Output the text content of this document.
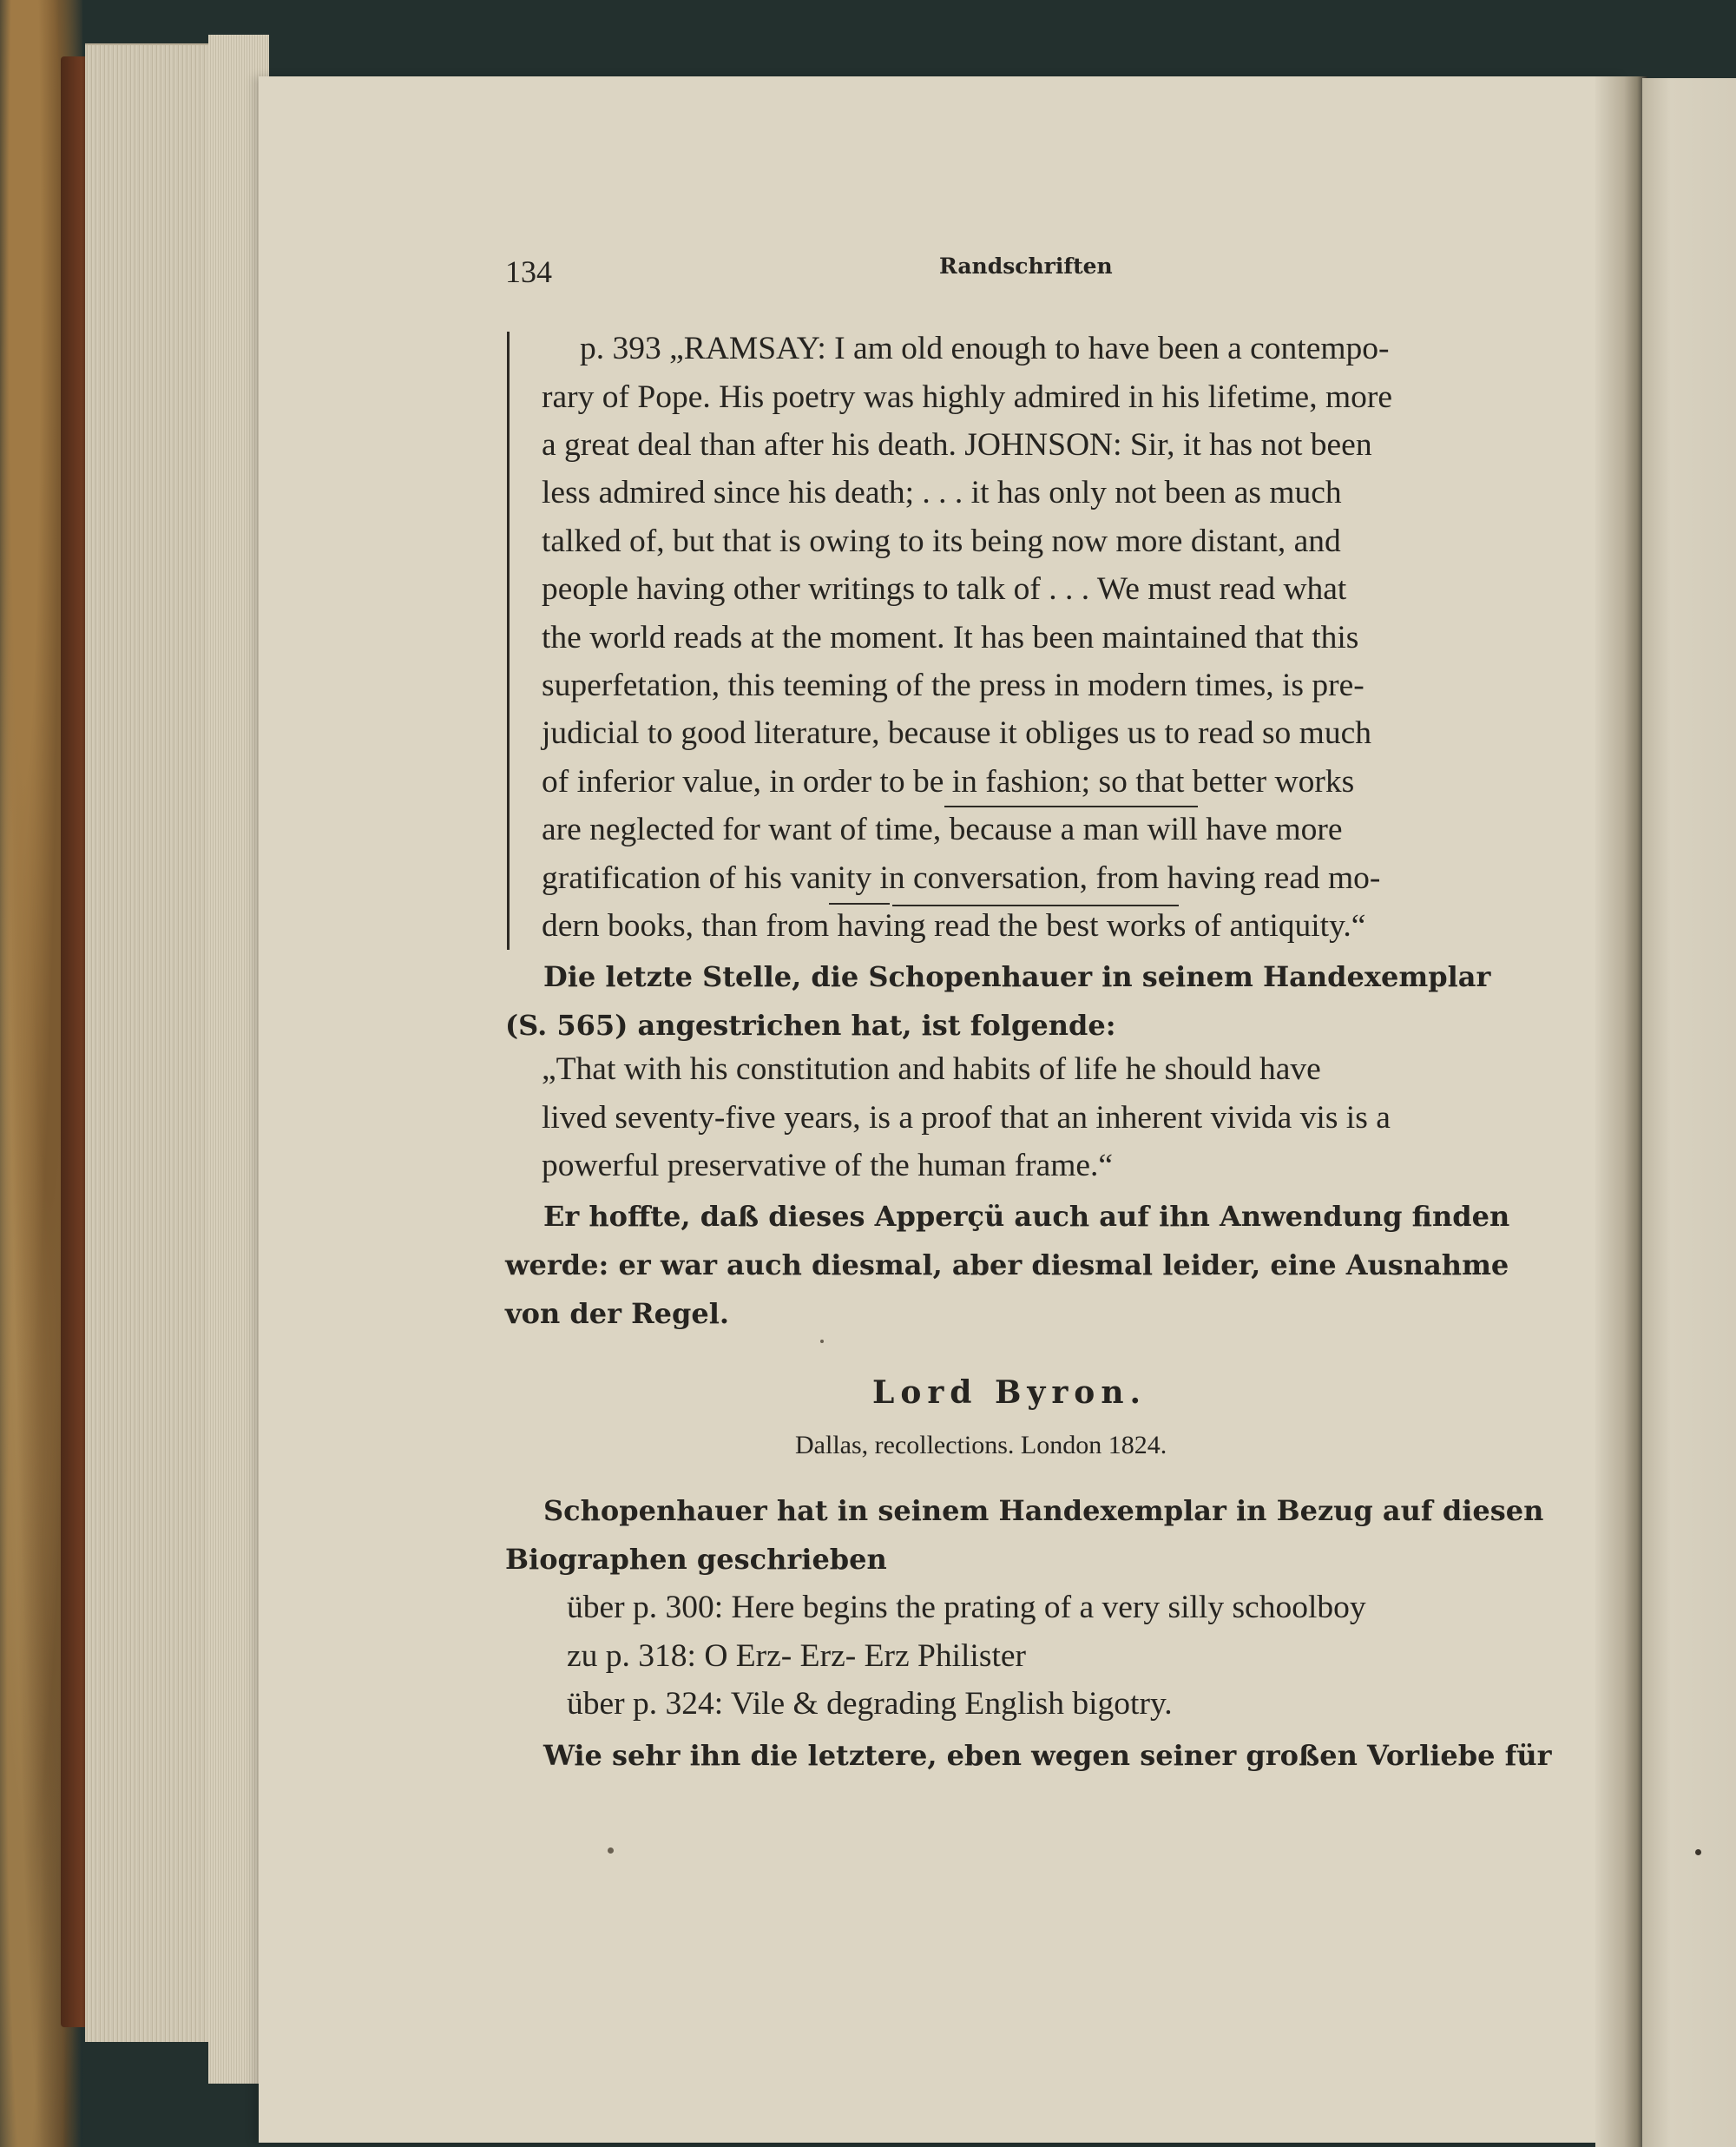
134	Randschriften
p. 393 „RAMSAY: I am old enough to have been a contempo-
rary of Pope. His poetry was highly admired in his lifetime, more
a great deal than after his death. JOHNSON: Sir, it has not been
less admired since his death; . . . it has only not been as much
talked of, but that is owing to its being now more distant, and
people having other writings to talk of . . . We must read what
the world reads at the moment. It has been maintained that this
superfetation, this teeming of the press in modern times, is pre-
judicial to good literature, because it obliges us to read so much
of inferior value, in order to be in fashion; so that better works
are neglected for want of time, because a man will have more
gratification of his vanity in conversation, from having read mo-
dern books, than from having read the best works of antiquity.“
Die letzte Stelle, die Schopenhauer in seinem Handexemplar
(S. 565) angestrichen hat, ist folgende:
„That with his constitution and habits of life he should have
lived seventy-five years, is a proof that an inherent vivida vis is a
powerful preservative of the human frame.“
Er hoffte, daß dieses Apperçü auch auf ihn Anwendung finden
werde: er war auch diesmal, aber diesmal leider, eine Ausnahme
von der Regel.
Lord Byron.
Dallas, recollections. London 1824.
Schopenhauer hat in seinem Handexemplar in Bezug auf diesen
Biographen geschrieben
über p. 300: Here begins the prating of a very silly schoolboy
zu p. 318: O Erz- Erz- Erz Philister
über p. 324: Vile & degrading English bigotry.
Wie sehr ihn die letztere, eben wegen seiner großen Vorliebe für
